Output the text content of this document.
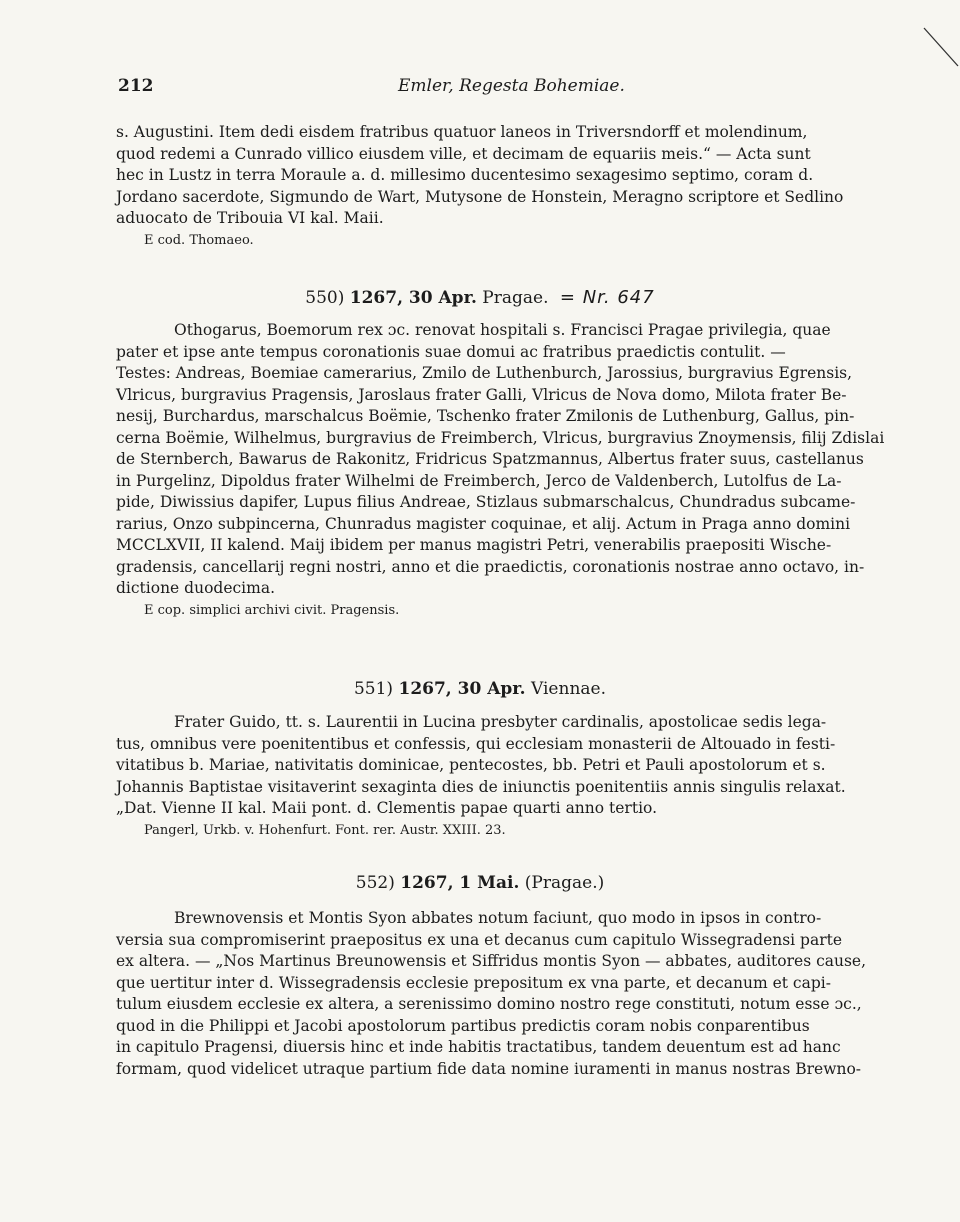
212	Emler, Regesta Bohemiae.
s. Augustini. Item dedi eisdem fratribus quatuor laneos in Triversndorff et molendinum,
quod redemi a Cunrado villico eiusdem ville, et decimam de equariis meis.“ — Acta sunt
hec in Lustz in terra Moraule a. d. millesimo ducentesimo sexagesimo septimo, coram d.
Jordano sacerdote, Sigmundo de Wart, Mutysone de Honstein, Meragno scriptore et Sedlino
aduocato de Tribouia VI kal. Maii.
E cod. Thomaeo.
550) 1267, 30 Apr. Pragae. = Nr. 647
Othogarus, Boemorum rex ɔc. renovat hospitali s. Francisci Pragae privilegia, quae
pater et ipse ante tempus coronationis suae domui ac fratribus praedictis contulit. —
Testes: Andreas, Boemiae camerarius, Zmilo de Luthenburch, Jarossius, burgravius Egrensis,
Vlricus, burgravius Pragensis, Jaroslaus frater Galli, Vlricus de Nova domo, Milota frater Be-
nesij, Burchardus, marschalcus Boëmie, Tschenko frater Zmilonis de Luthenburg, Gallus, pin-
cerna Boëmie, Wilhelmus, burgravius de Freimberch, Vlricus, burgravius Znoymensis, filij Zdislai
de Sternberch, Bawarus de Rakonitz, Fridricus Spatzmannus, Albertus frater suus, castellanus
in Purgelinz, Dipoldus frater Wilhelmi de Freimberch, Jerco de Valdenberch, Lutolfus de La-
pide, Diwissius dapifer, Lupus filius Andreae, Stizlaus submarschalcus, Chundradus subcame-
rarius, Onzo subpincerna, Chunradus magister coquinae, et alij. Actum in Praga anno domini
MCCLXVII, II kalend. Maij ibidem per manus magistri Petri, venerabilis praepositi Wische-
gradensis, cancellarij regni nostri, anno et die praedictis, coronationis nostrae anno octavo, in-
dictione duodecima.
E cop. simplici archivi civit. Pragensis.
551) 1267, 30 Apr. Viennae.
Frater Guido, tt. s. Laurentii in Lucina presbyter cardinalis, apostolicae sedis lega-
tus, omnibus vere poenitentibus et confessis, qui ecclesiam monasterii de Altouado in festi-
vitatibus b. Mariae, nativitatis dominicae, pentecostes, bb. Petri et Pauli apostolorum et s.
Johannis Baptistae visitaverint sexaginta dies de iniunctis poenitentiis annis singulis relaxat.
„Dat. Vienne II kal. Maii pont. d. Clementis papae quarti anno tertio.
Pangerl, Urkb. v. Hohenfurt. Font. rer. Austr. XXIII. 23.
552) 1267, 1 Mai. (Pragae.)
Brewnovensis et Montis Syon abbates notum faciunt, quo modo in ipsos in contro-
versia sua compromiserint praepositus ex una et decanus cum capitulo Wissegradensi parte
ex altera. — „Nos Martinus Breunowensis et Siffridus montis Syon — abbates, auditores cause,
que uertitur inter d. Wissegradensis ecclesie prepositum ex vna parte, et decanum et capi-
tulum eiusdem ecclesie ex altera, a serenissimo domino nostro rege constituti, notum esse ɔc.,
quod in die Philippi et Jacobi apostolorum partibus predictis coram nobis conparentibus
in capitulo Pragensi, diuersis hinc et inde habitis tractatibus, tandem deuentum est ad hanc
formam, quod videlicet utraque partium fide data nomine iuramenti in manus nostras Brewno-
